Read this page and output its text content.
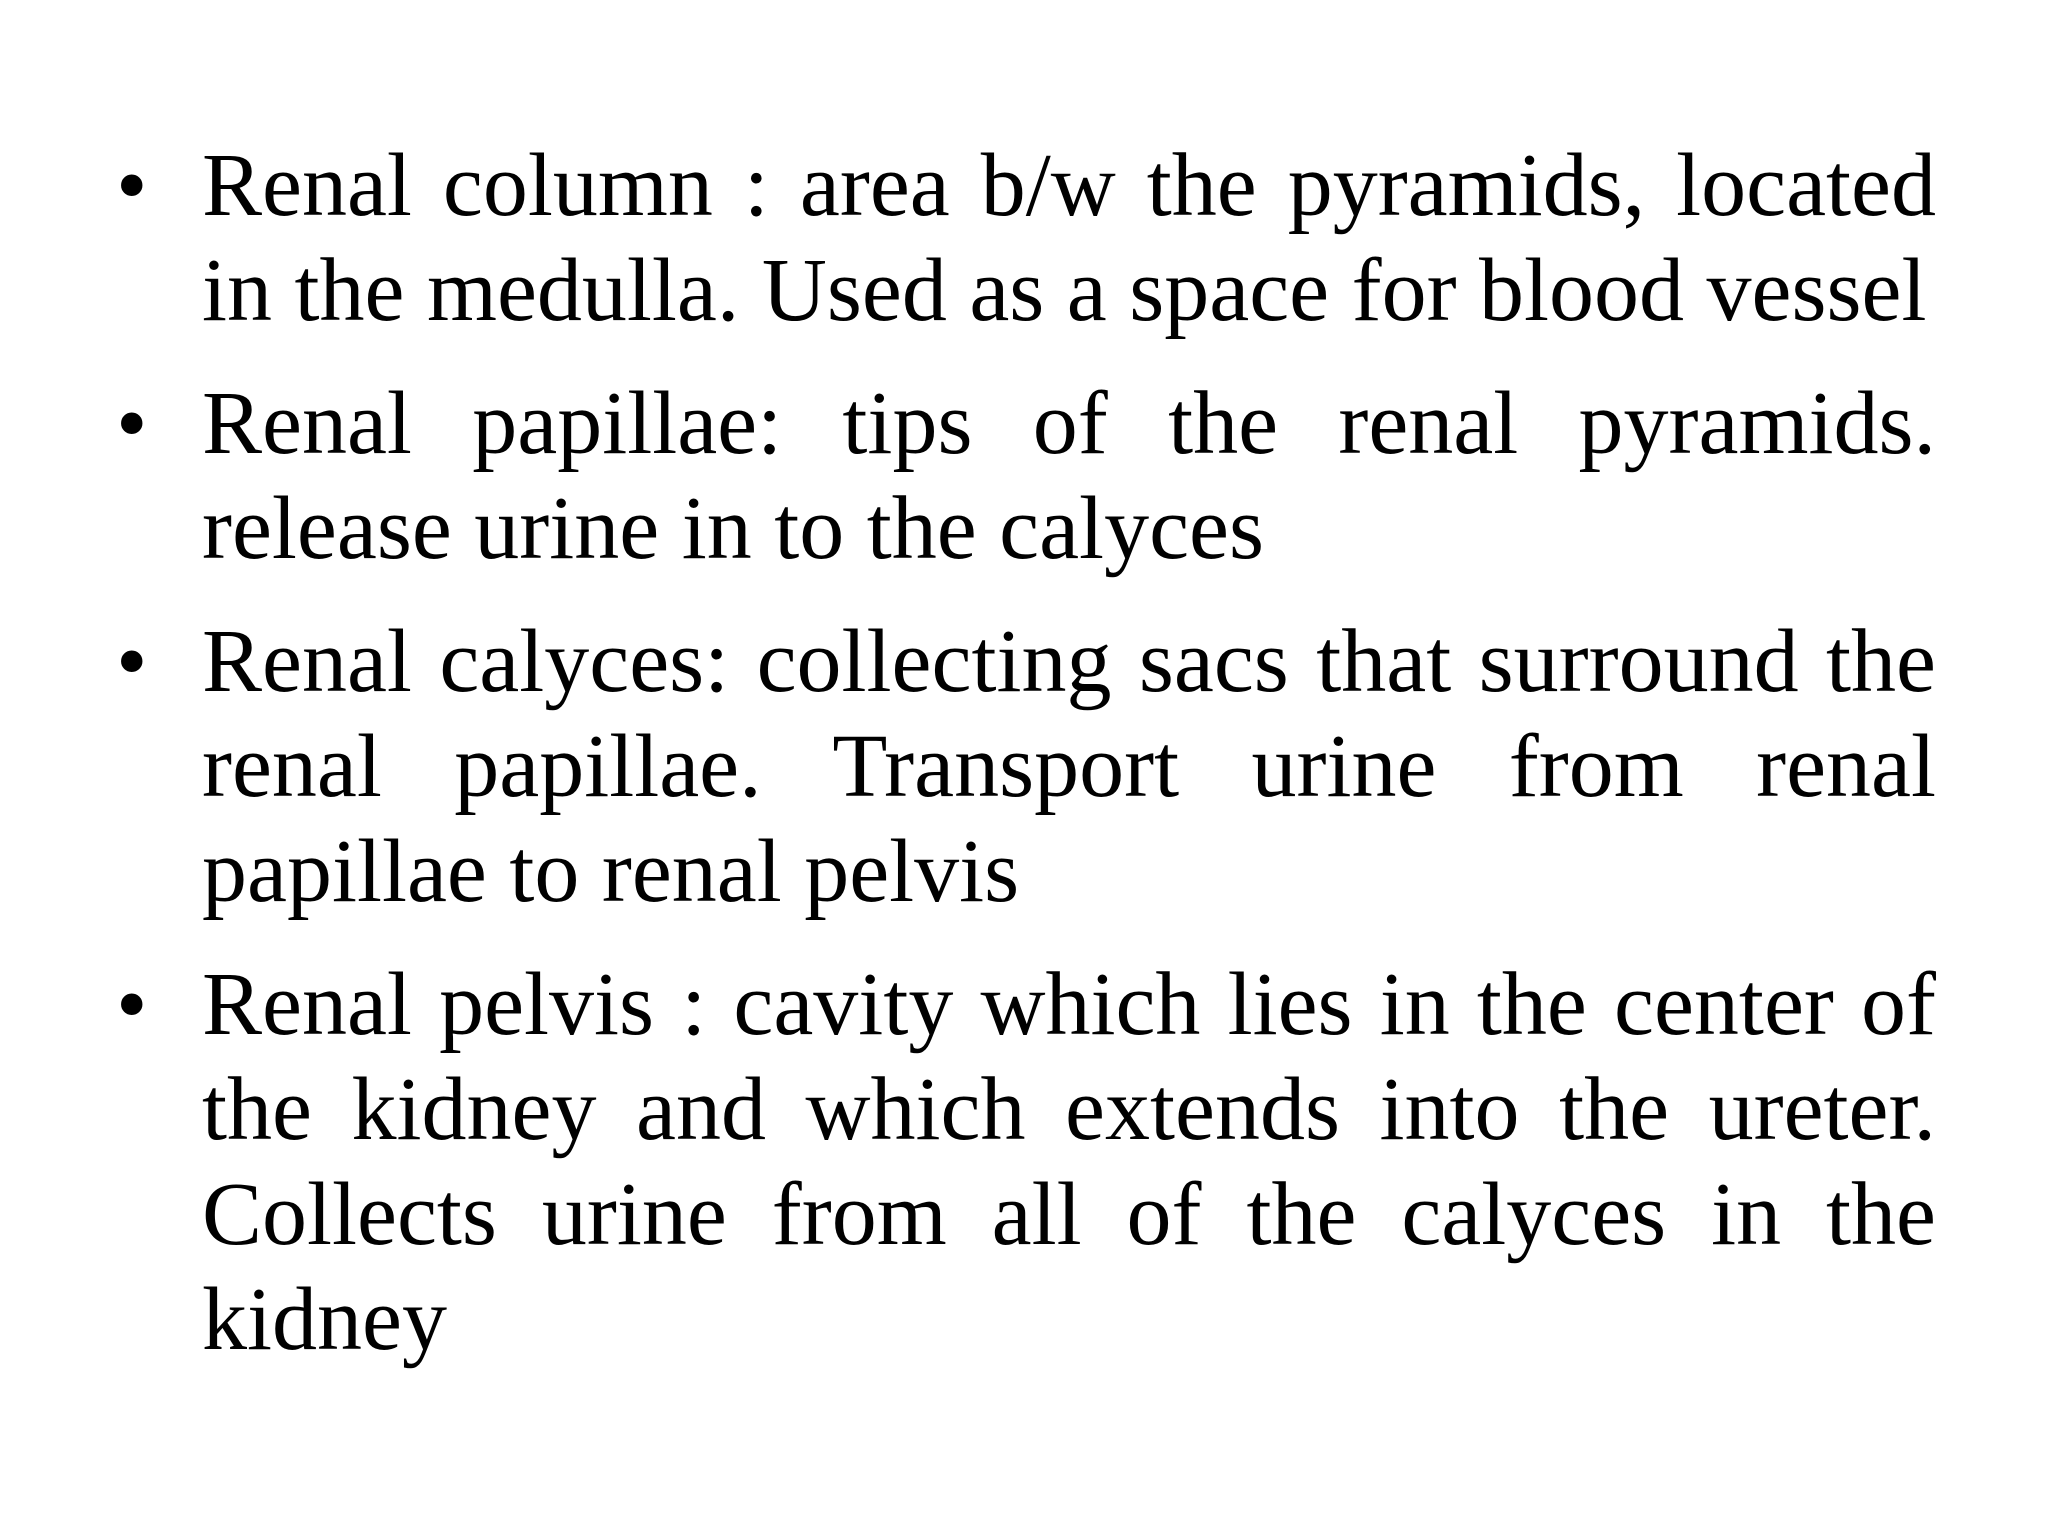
• Renal column : area b/w the pyramids, located in the medulla. Used as a space for blood vessel
• Renal papillae: tips of the renal pyramids. release urine in to the calyces
• Renal calyces: collecting sacs that surround the renal papillae. Transport urine from renal papillae to renal pelvis
• Renal pelvis : cavity which lies in the center of the kidney and which extends into the ureter. Collects urine from all of the calyces in the kidney
